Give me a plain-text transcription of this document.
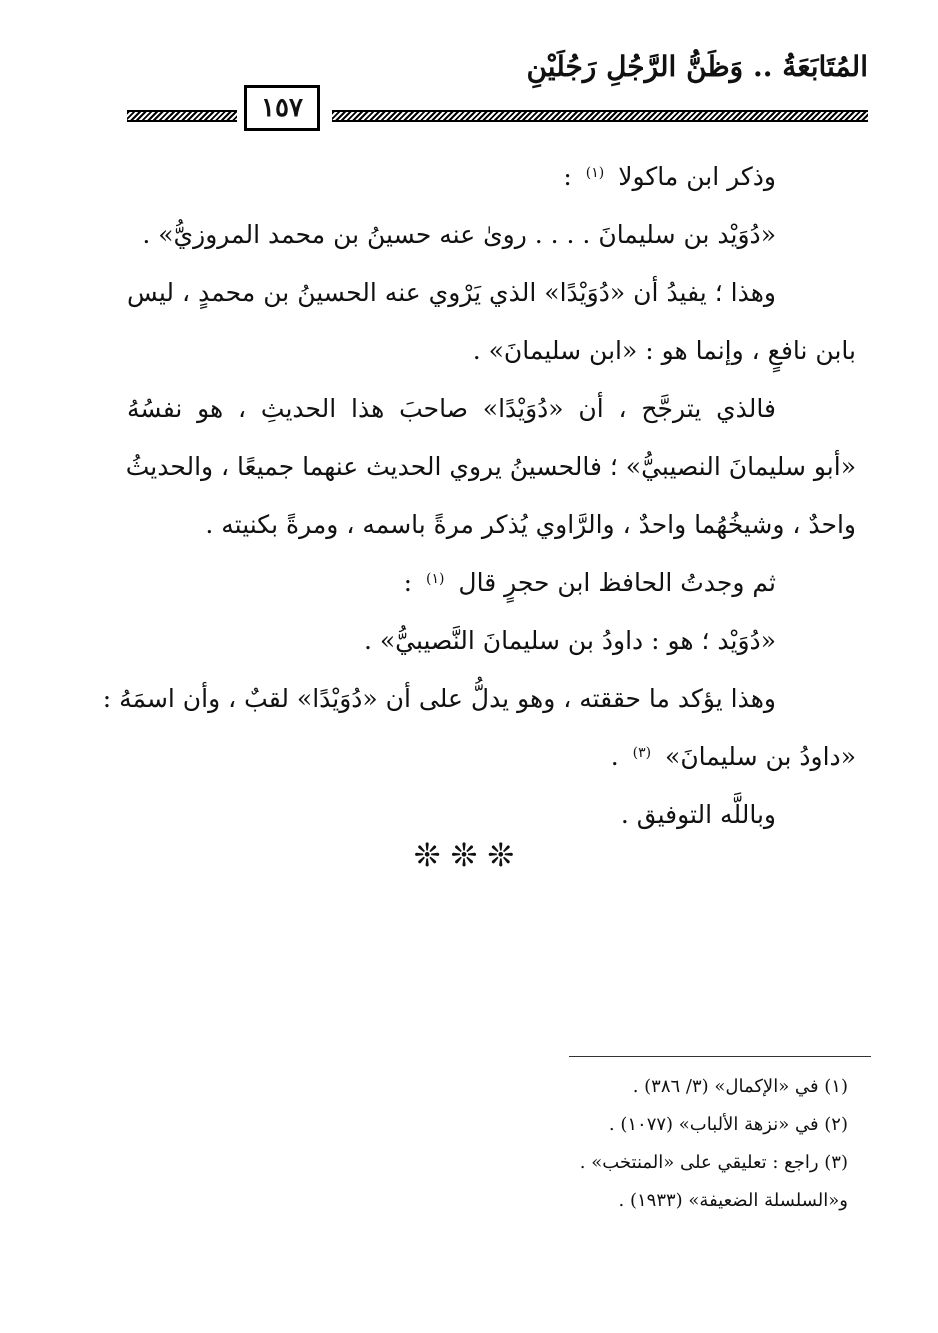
المُتَابَعَةُ .. وَظَنُّ الرَّجُلِ رَجُلَيْنِ
١٥٧
وذكر ابن ماكولا $^{(١)}$ :
«دُوَيْد بن سليمانَ . . . . روىٰ عنه حسينُ بن محمد المروزيُّ» .
وهذا ؛ يفيدُ أن «دُوَيْدًا» الذي يَرْوي عنه الحسينُ بن محمدٍ ، ليس
بابن نافعٍ ، وإنما هو : «ابن سليمانَ» .
فالذي يترجَّح ، أن «دُوَيْدًا» صاحبَ هذا الحديثِ ، هو نفسُهُ
«أبو سليمانَ النصيبيُّ» ؛ فالحسينُ يروي الحديث عنهما جميعًا ، والحديثُ
واحدٌ ، وشيخُهُما واحدٌ ، والرَّاوي يُذكر مرةً باسمه ، ومرةً بكنيته .
ثم وجدتُ الحافظ ابن حجرٍ قال $^{(١)}$ :
«دُوَيْد ؛ هو : داودُ بن سليمانَ النَّصيبيُّ» .
وهذا يؤكد ما حققته ، وهو يدلُّ على أن «دُوَيْدًا» لقبٌ ، وأن اسمَهُ :
«داودُ بن سليمانَ» $^{(٣)}$ .
وباللَّه التوفيق .
❊❊❊
(١) في «الإكمال» (٣/ ٣٨٦) .
(٢) في «نزهة الألباب» (١٠٧٧) .
(٣) راجع : تعليقي على «المنتخب» .
و«السلسلة الضعيفة» (١٩٣٣) .
